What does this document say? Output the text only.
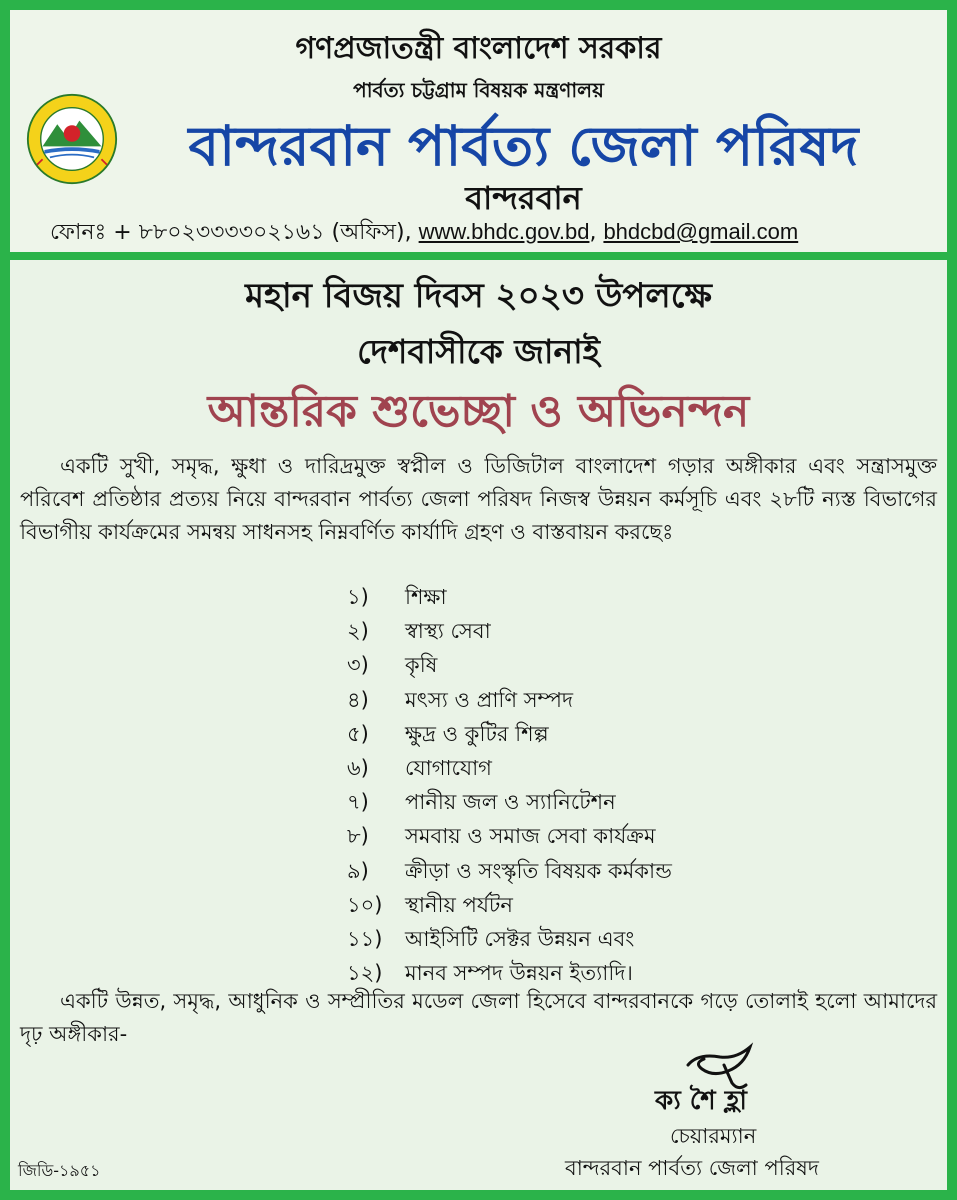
গণপ্রজাতন্ত্রী বাংলাদেশ সরকার
পার্বত্য চট্টগ্রাম বিষয়ক মন্ত্রণালয়
বান্দরবান পার্বত্য জেলা পরিষদ
বান্দরবান
ফোনঃ + ৮৮০২৩৩৩৩০২১৬১ (অফিস), www.bhdc.gov.bd, bhdcbd@gmail.com
মহান বিজয় দিবস ২০২৩ উপলক্ষে
দেশবাসীকে জানাই
আন্তরিক শুভেচ্ছা ও অভিনন্দন
একটি সুখী, সমৃদ্ধ, ক্ষুধা ও দারিদ্রমুক্ত স্বপ্নীল ও ডিজিটাল বাংলাদেশ গড়ার অঙ্গীকার এবং সন্ত্রাসমুক্ত পরিবেশ প্রতিষ্ঠার প্রত্যয় নিয়ে বান্দরবান পার্বত্য জেলা পরিষদ নিজস্ব উন্নয়ন কর্মসূচি এবং ২৮টি ন্যস্ত বিভাগের বিভাগীয় কার্যক্রমের সমন্বয় সাধনসহ নিম্নবর্ণিত কার্যাদি গ্রহণ ও বাস্তবায়ন করছেঃ
১) শিক্ষা
২) স্বাস্থ্য সেবা
৩) কৃষি
৪) মৎস্য ও প্রাণি সম্পদ
৫) ক্ষুদ্র ও কুটির শিল্প
৬) যোগাযোগ
৭) পানীয় জল ও স্যানিটেশন
৮) সমবায় ও সমাজ সেবা কার্যক্রম
৯) ক্রীড়া ও সংস্কৃতি বিষয়ক কর্মকান্ড
১০) স্থানীয় পর্যটন
১১) আইসিটি সেক্টর উন্নয়ন এবং
১২) মানব সম্পদ উন্নয়ন ইত্যাদি।
একটি উন্নত, সমৃদ্ধ, আধুনিক ও সম্প্রীতির মডেল জেলা হিসেবে বান্দরবানকে গড়ে তোলাই হলো আমাদের দৃঢ় অঙ্গীকার-
ক্য শৈ হ্লা
চেয়ারম্যান
বান্দরবান পার্বত্য জেলা পরিষদ
জিডি-১৯৫১
